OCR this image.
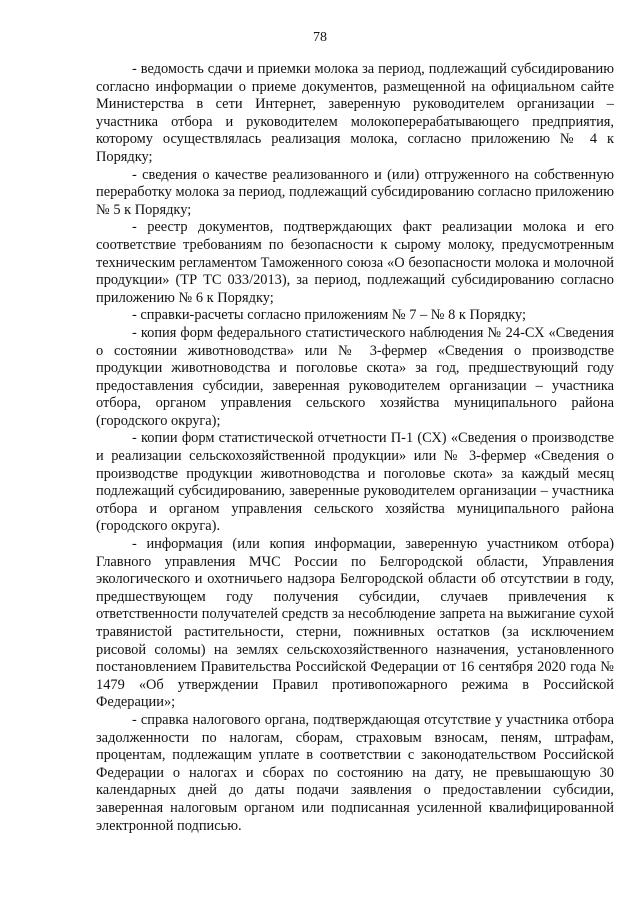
78

- ведомость сдачи и приемки молока за период, подлежащий субсидированию согласно информации о приеме документов, размещенной на официальном сайте Министерства в сети Интернет, заверенную руководителем организации – участника отбора и руководителем молокоперерабатывающего предприятия, которому осуществлялась реализация молока, согласно приложению № 4 к Порядку;

- сведения о качестве реализованного и (или) отгруженного на собственную переработку молока за период, подлежащий субсидированию согласно приложению № 5 к Порядку;

- реестр документов, подтверждающих факт реализации молока и его соответствие требованиям по безопасности к сырому молоку, предусмотренным техническим регламентом Таможенного союза «О безопасности молока и молочной продукции» (ТР ТС 033/2013), за период, подлежащий субсидированию согласно приложению № 6 к Порядку;

- справки-расчеты согласно приложениям № 7 – № 8 к Порядку;

- копия форм федерального статистического наблюдения № 24-СХ «Сведения о состоянии животноводства» или № 3-фермер «Сведения о производстве продукции животноводства и поголовье скота» за год, предшествующий году предоставления субсидии, заверенная руководителем организации – участника отбора, органом управления сельского хозяйства муниципального района (городского округа);

- копии форм статистической отчетности П-1 (СХ) «Сведения о производстве и реализации сельскохозяйственной продукции» или № 3-фермер «Сведения о производстве продукции животноводства и поголовье скота» за каждый месяц подлежащий субсидированию, заверенные руководителем организации – участника отбора и органом управления сельского хозяйства муниципального района (городского округа).

- информация (или копия информации, заверенную участником отбора) Главного управления МЧС России по Белгородской области, Управления экологического и охотничьего надзора Белгородской области об отсутствии в году, предшествующем году получения субсидии, случаев привлечения к ответственности получателей средств за несоблюдение запрета на выжигание сухой травянистой растительности, стерни, пожнивных остатков (за исключением рисовой соломы) на землях сельскохозяйственного назначения, установленного постановлением Правительства Российской Федерации от 16 сентября 2020 года № 1479 «Об утверждении Правил противопожарного режима в Российской Федерации»;

- справка налогового органа, подтверждающая отсутствие у участника отбора задолженности по налогам, сборам, страховым взносам, пеням, штрафам, процентам, подлежащим уплате в соответствии с законодательством Российской Федерации о налогах и сборах по состоянию на дату, не превышающую 30 календарных дней до даты подачи заявления о предоставлении субсидии, заверенная налоговым органом или подписанная усиленной квалифицированной электронной подписью.
